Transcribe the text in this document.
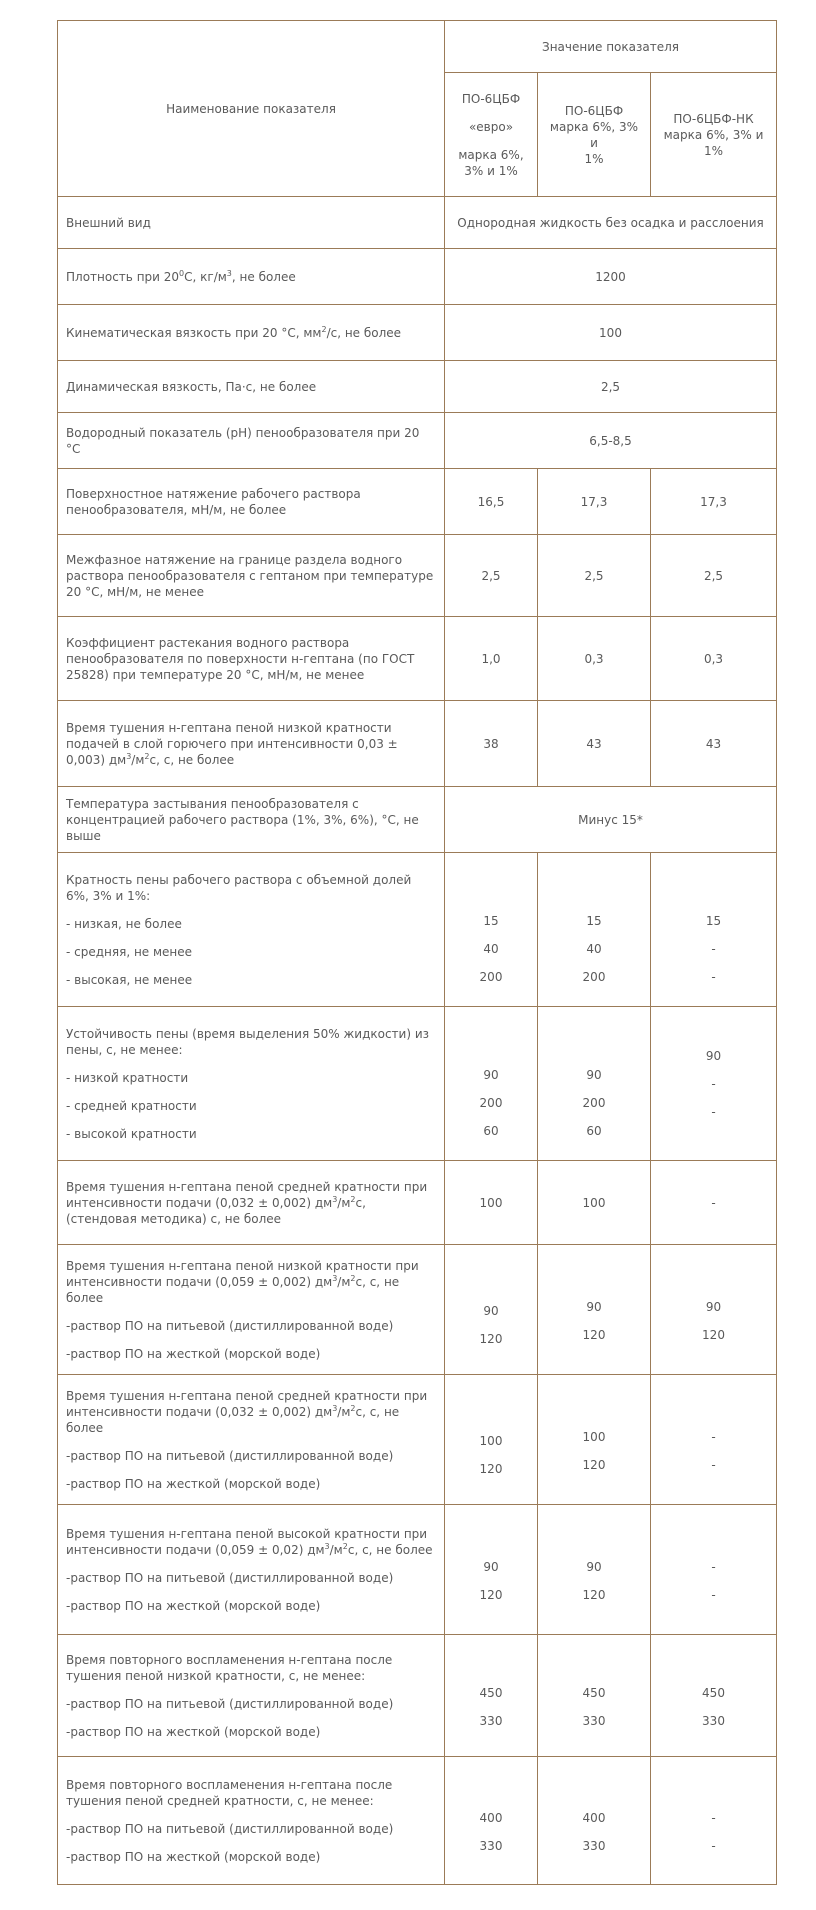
Наименование показателя	Значение показателя		

	ПО-6ЦБФ
«евро»
марка 6%,
3% и 1%	ПО-6ЦБФ
марка 6%, 3% и
1%	ПО-6ЦБФ-НК
марка 6%, 3% и
1%

Внешний вид	Однородная жидкость без осадка и расслоения		
Плотность при $20^0С$, $кг/м^3$, не более	1200		
Кинематическая вязкость при 20 °С, $мм^2/с$, не более	100		
Динамическая вязкость, Па·с, не более	2,5		
Водородный показатель (рН) пенообразователя при 20 °С	6,5-8,5		
Поверхностное натяжение рабочего раствора пенообразователя, мН/м, не более	16,5	17,3	17,3
Межфазное натяжение на границе раздела водного раствора пенообразователя с гептаном при температуре 20 °С, мН/м, не менее	2,5	2,5	2,5
Коэффициент растекания водного раствора пенообразователя по поверхности н-гептана (по ГОСТ 25828) при температуре 20 °С, мН/м, не менее	1,0	0,3	0,3
Время тушения н-гептана пеной низкой кратности подачей в слой горючего при интенсивности 0,03 ± 0,003) $дм^3/м^2с$, с, не более	38	43	43
Температура застывания пенообразователя с концентрацией рабочего раствора (1%, 3%, 6%), °С, не выше	Минус 15*		

Кратность пены рабочего раствора с объемной долей 6%, 3% и 1%:
- низкая, не более
- средняя, не менее
- высокая, не менее	15
40
200	15
40
200	15
-
-

Устойчивость пены (время выделения 50% жидкости) из пены, с, не менее:
- низкой кратности
- средней кратности
- высокой кратности	90
200
60	90
200
60	90
-
-

Время тушения н-гептана пеной средней кратности при интенсивности подачи (0,032 ± 0,002) $дм^3/м^2с$, (стендовая методика) с, не более	100	100	-

Время тушения н-гептана пеной низкой кратности при интенсивности подачи (0,059 ± 0,002) $дм^3/м^2с$, с, не более
-раствор ПО на питьевой (дистиллированной воде)
-раствор ПО на жесткой (морской воде)	90
120	90
120	90
120

Время тушения н-гептана пеной средней кратности при интенсивности подачи (0,032 ± 0,002) $дм^3/м^2с$, с, не более
-раствор ПО на питьевой (дистиллированной воде)
-раствор ПО на жесткой (морской воде)	100
120	100
120	-
-

Время тушения н-гептана пеной высокой кратности при интенсивности подачи (0,059 ± 0,02) $дм^3/м^2с$, с, не более
-раствор ПО на питьевой (дистиллированной воде)
-раствор ПО на жесткой (морской воде)	90
120	90
120	-
-

Время повторного воспламенения н-гептана после тушения пеной низкой кратности, с, не менее:
-раствор ПО на питьевой (дистиллированной воде)
-раствор ПО на жесткой (морской воде)	450
330	450
330	450
330

Время повторного воспламенения н-гептана после тушения пеной средней кратности, с, не менее:
-раствор ПО на питьевой (дистиллированной воде)
-раствор ПО на жесткой (морской воде)	400
330	400
330	-
-
